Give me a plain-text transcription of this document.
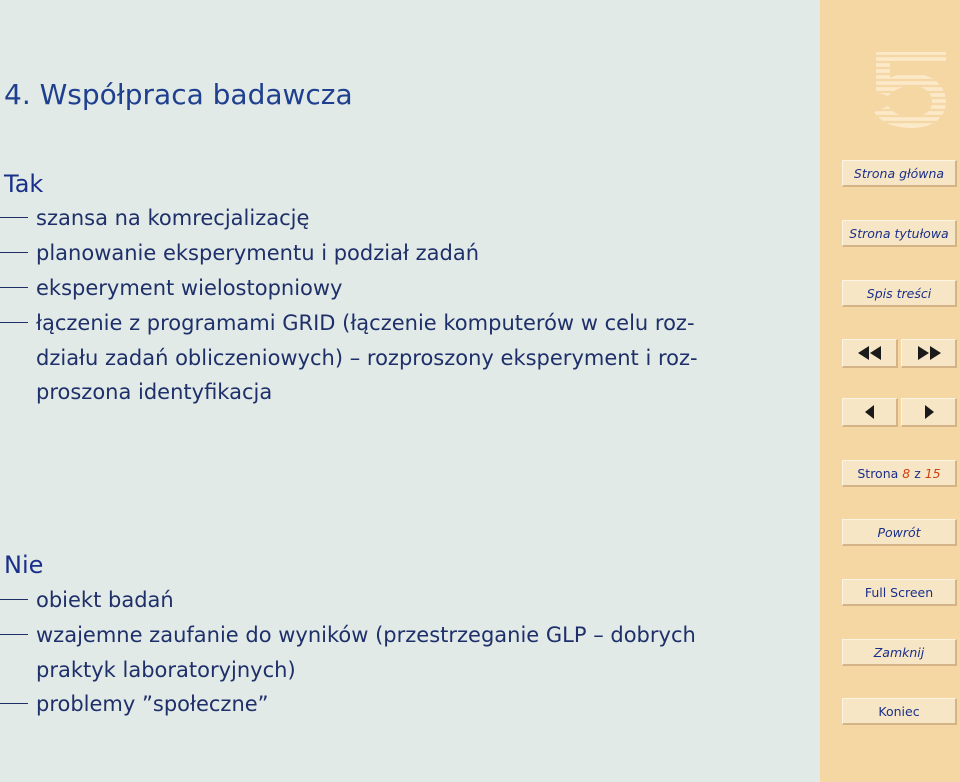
4. Współpraca badawcza
Tak
szansa na komrecjalizację
planowanie eksperymentu i podział zadań
eksperyment wielostopniowy
łączenie z programami GRID (łączenie komputerów w celu roz-
działu zadań obliczeniowych) – rozproszony eksperyment i roz-
proszona identyfikacja
Nie
obiekt badań
wzajemne zaufanie do wyników (przestrzeganie GLP – dobrych
praktyk laboratoryjnych)
problemy ”społeczne”
Strona główna
Strona tytułowa
Spis treści
Strona 8 z 15
Powrót
Full Screen
Zamknij
Koniec
